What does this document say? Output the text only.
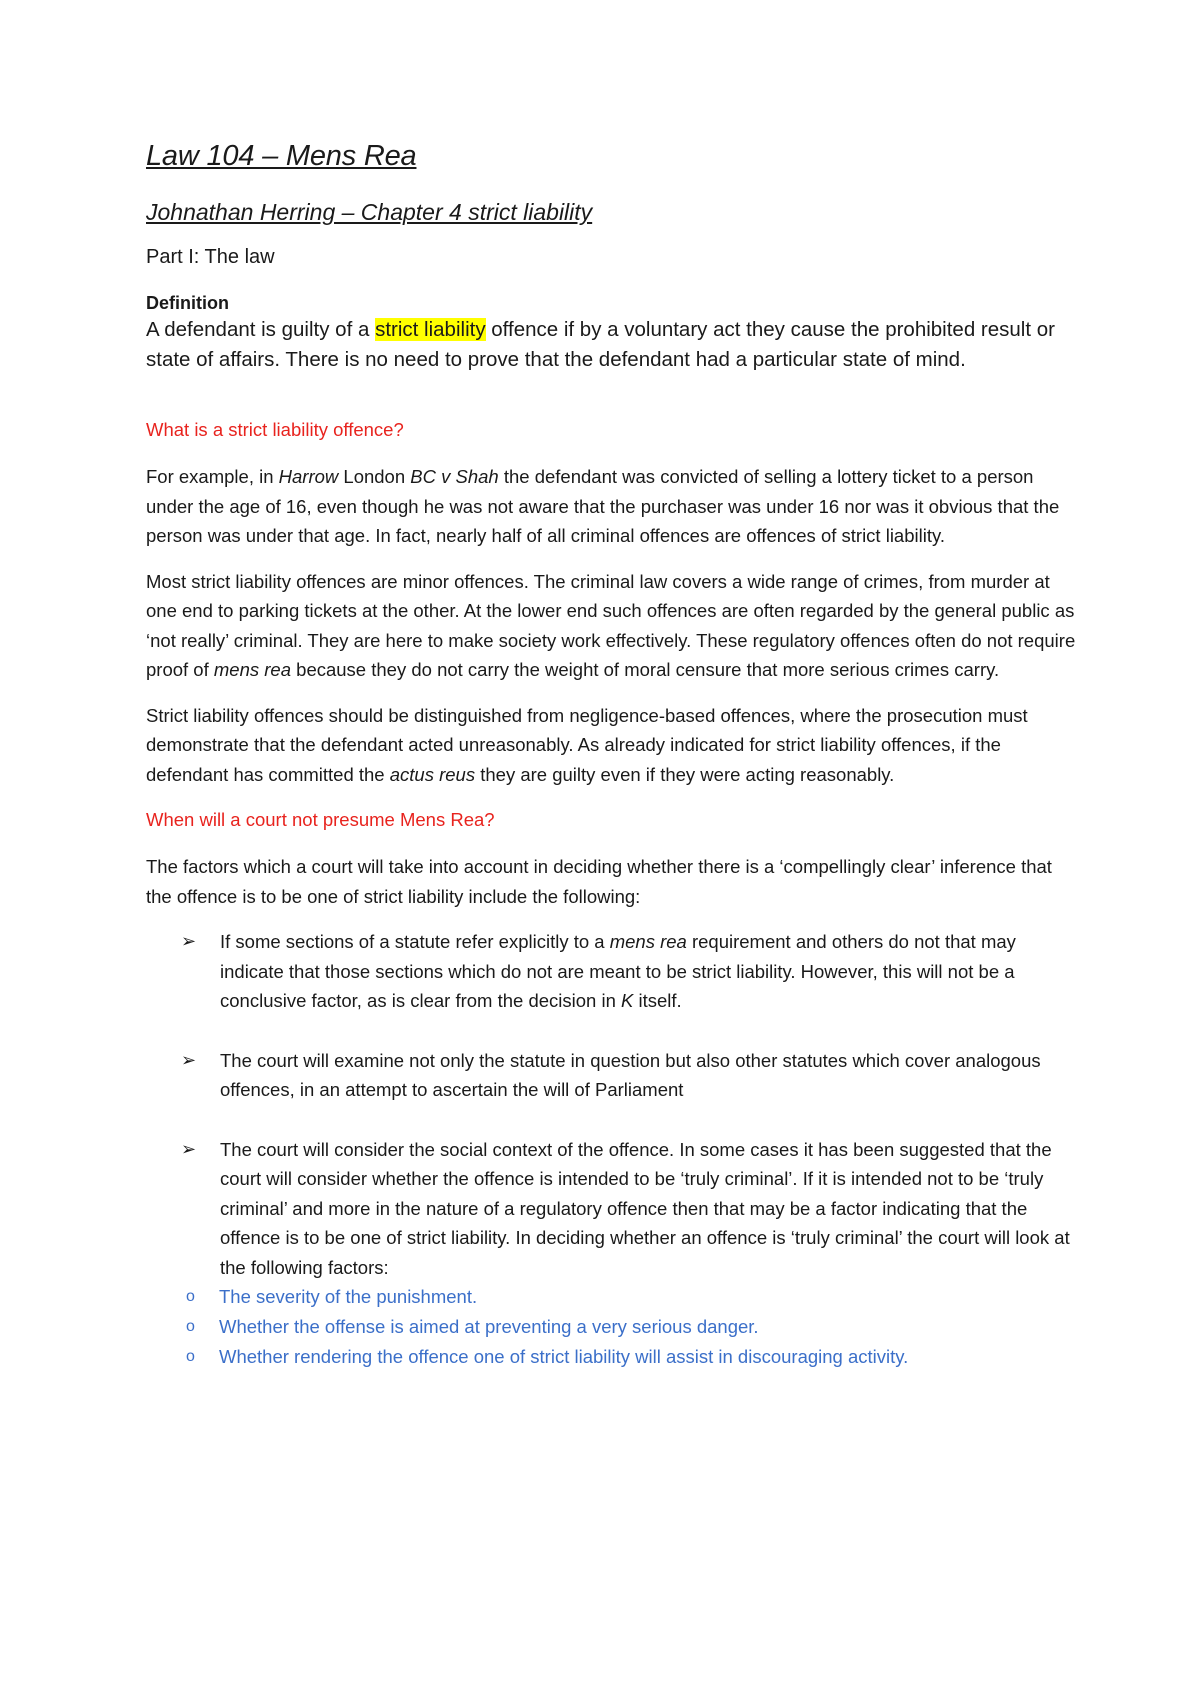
Law 104 – Mens Rea
Johnathan Herring – Chapter 4 strict liability
Part I: The law
Definition
A defendant is guilty of a strict liability offence if by a voluntary act they cause the prohibited result or state of affairs. There is no need to prove that the defendant had a particular state of mind.
What is a strict liability offence?

For example, in Harrow London BC v Shah the defendant was convicted of selling a lottery ticket to a person under the age of 16, even though he was not aware that the purchaser was under 16 nor was it obvious that the person was under that age. In fact, nearly half of all criminal offences are offences of strict liability.

Most strict liability offences are minor offences. The criminal law covers a wide range of crimes, from murder at one end to parking tickets at the other. At the lower end such offences are often regarded by the general public as ‘not really’ criminal. They are here to make society work effectively. These regulatory offences often do not require proof of mens rea because they do not carry the weight of moral censure that more serious crimes carry.

Strict liability offences should be distinguished from negligence-based offences, where the prosecution must demonstrate that the defendant acted unreasonably. As already indicated for strict liability offences, if the defendant has committed the actus reus they are guilty even if they were acting reasonably.

When will a court not presume Mens Rea?

The factors which a court will take into account in deciding whether there is a ‘compellingly clear’ inference that the offence is to be one of strict liability include the following:

➢ If some sections of a statute refer explicitly to a mens rea requirement and others do not that may indicate that those sections which do not are meant to be strict liability. However, this will not be a conclusive factor, as is clear from the decision in K itself.
➢ The court will examine not only the statute in question but also other statutes which cover analogous offences, in an attempt to ascertain the will of Parliament
➢ The court will consider the social context of the offence. In some cases it has been suggested that the court will consider whether the offence is intended to be ‘truly criminal’. If it is intended not to be ‘truly criminal’ and more in the nature of a regulatory offence then that may be a factor indicating that the offence is to be one of strict liability. In deciding whether an offence is ‘truly criminal’ the court will look at the following factors:
o The severity of the punishment.
o Whether the offense is aimed at preventing a very serious danger.
o Whether rendering the offence one of strict liability will assist in discouraging activity.
